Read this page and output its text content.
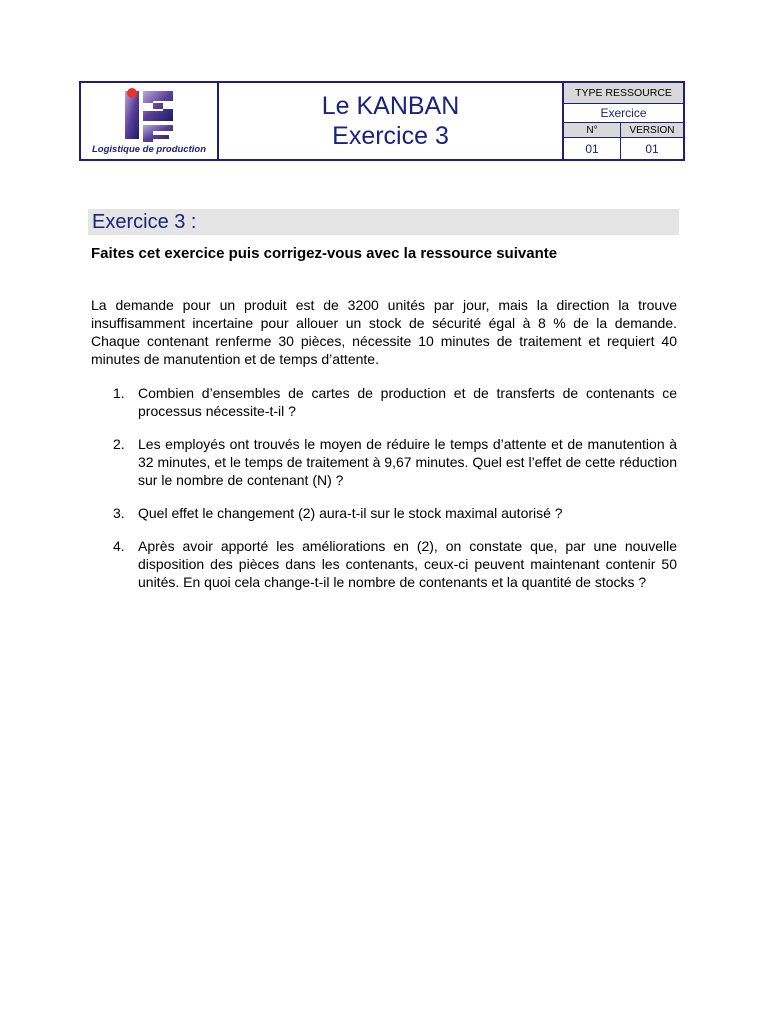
Logistique de production
Le KANBAN
Exercice 3
TYPE RESSOURCE
Exercice
N°	VERSION
01	01
Exercice 3 :
Faites cet exercice puis corrigez-vous avec la ressource suivante
La demande pour un produit est de 3200 unités par jour, mais la direction la trouve insuffisamment incertaine pour allouer un stock de sécurité égal à 8 % de la demande. Chaque contenant renferme 30 pièces, nécessite 10 minutes de traitement et requiert 40 minutes de manutention et de temps d’attente.
1. Combien d’ensembles de cartes de production et de transferts de contenants ce processus nécessite-t-il ?
2. Les employés ont trouvés le moyen de réduire le temps d’attente et de manutention à 32 minutes, et le temps de traitement à 9,67 minutes. Quel est l’effet de cette réduction sur le nombre de contenant (N) ?
3. Quel effet le changement (2) aura-t-il sur le stock maximal autorisé ?
4. Après avoir apporté les améliorations en (2), on constate que, par une nouvelle disposition des pièces dans les contenants, ceux-ci peuvent maintenant contenir 50 unités. En quoi cela change-t-il le nombre de contenants et la quantité de stocks ?
